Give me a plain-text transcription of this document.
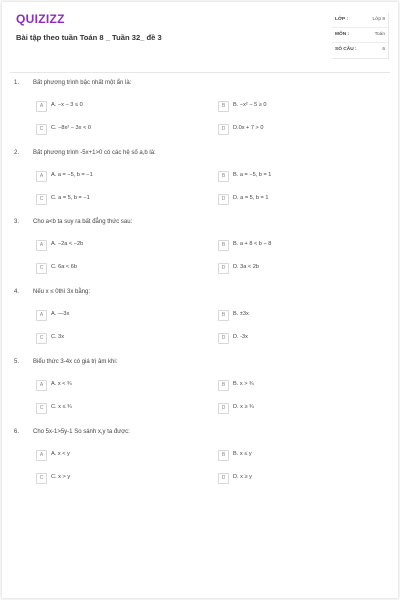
QUIZIZZ
Bài tập theo tuần Toán 8 _ Tuần 32_ đề 3
LỚP :	Lớp 8
MÔN :	Toán
SỐ CÂU :	6
1. Bất phương trình bậc nhất một ẩn là:
A	A. −x − 3 ≤ 0	B	B. −x² − 5 ≥ 0
C	C. −8x² − 3x < 0	D	D.0x + 7 > 0
2. Bất phương trình -5x+1>0 có các hệ số a,b là:
A	A. a = −5, b = −1	B	B. a = −5, b = 1
C	C. a = 5, b = −1	D	D. a = 5, b = 1
3. Cho a<b ta suy ra bất đẳng thức sau:
A	A. −2a < −2b	B	B. a + 8 < b − 8
C	C. 6a < 6b	D	D. 3a < 2b
4. Nếu x ≤ 0thì 3x bằng:
A	A. —3x	B	B. ±3x
C	C. 3x	D	D. -3x
5. Biểu thức 3-4x có giá trị âm khi:
A	A. x < ¾	B	B. x > ¾
C	C. x ≤ ¾	D	D. x ≥ ¾
6. Cho 5x-1>5y-1 So sánh x,y ta được:
A	A. x < y	B	B. x ≤ y
C	C. x > y	D	D. x ≥ y
